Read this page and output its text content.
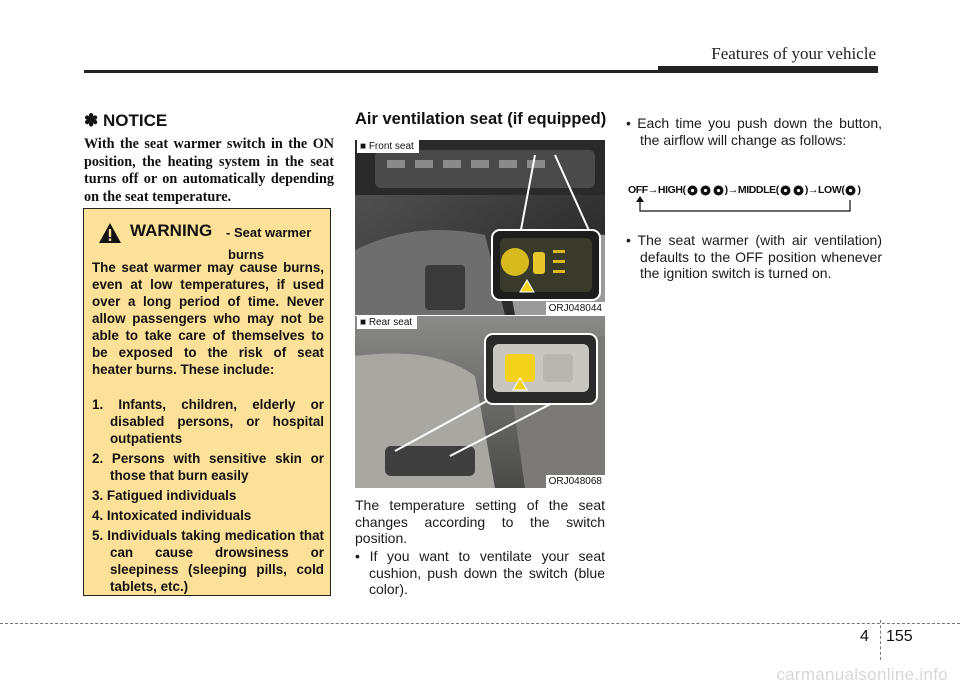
Features of your vehicle
✽ NOTICE
With the seat warmer switch in the ON position, the heating system in the seat turns off or on automatically depending on the seat temperature.
WARNING - Seat warmer
burns
The seat warmer may cause burns, even at low temperatures, if used over a long period of time. Never allow passengers who may not be able to take care of themselves to be exposed to the risk of seat heater burns. These include:
1. Infants, children, elderly or disabled persons, or hospital outpatients
2. Persons with sensitive skin or those that burn easily
3. Fatigued individuals
4. Intoxicated individuals
5. Individuals taking medication that can cause drowsiness or sleepiness (sleeping pills, cold tablets, etc.)
Air ventilation seat (if equipped)
■ Front seat
ORJ048044
■ Rear seat
ORJ048068
The temperature setting of the seat changes according to the switch position.
• If you want to ventilate your seat cushion, push down the switch (blue color).
• Each time you push down the button, the airflow will change as follows:
OFF → HIGH(	) → MIDDLE( ) → LOW( )
• The seat warmer (with air ventilation) defaults to the OFF position whenever the ignition switch is turned on.
4 155
carmanualsonline.info
